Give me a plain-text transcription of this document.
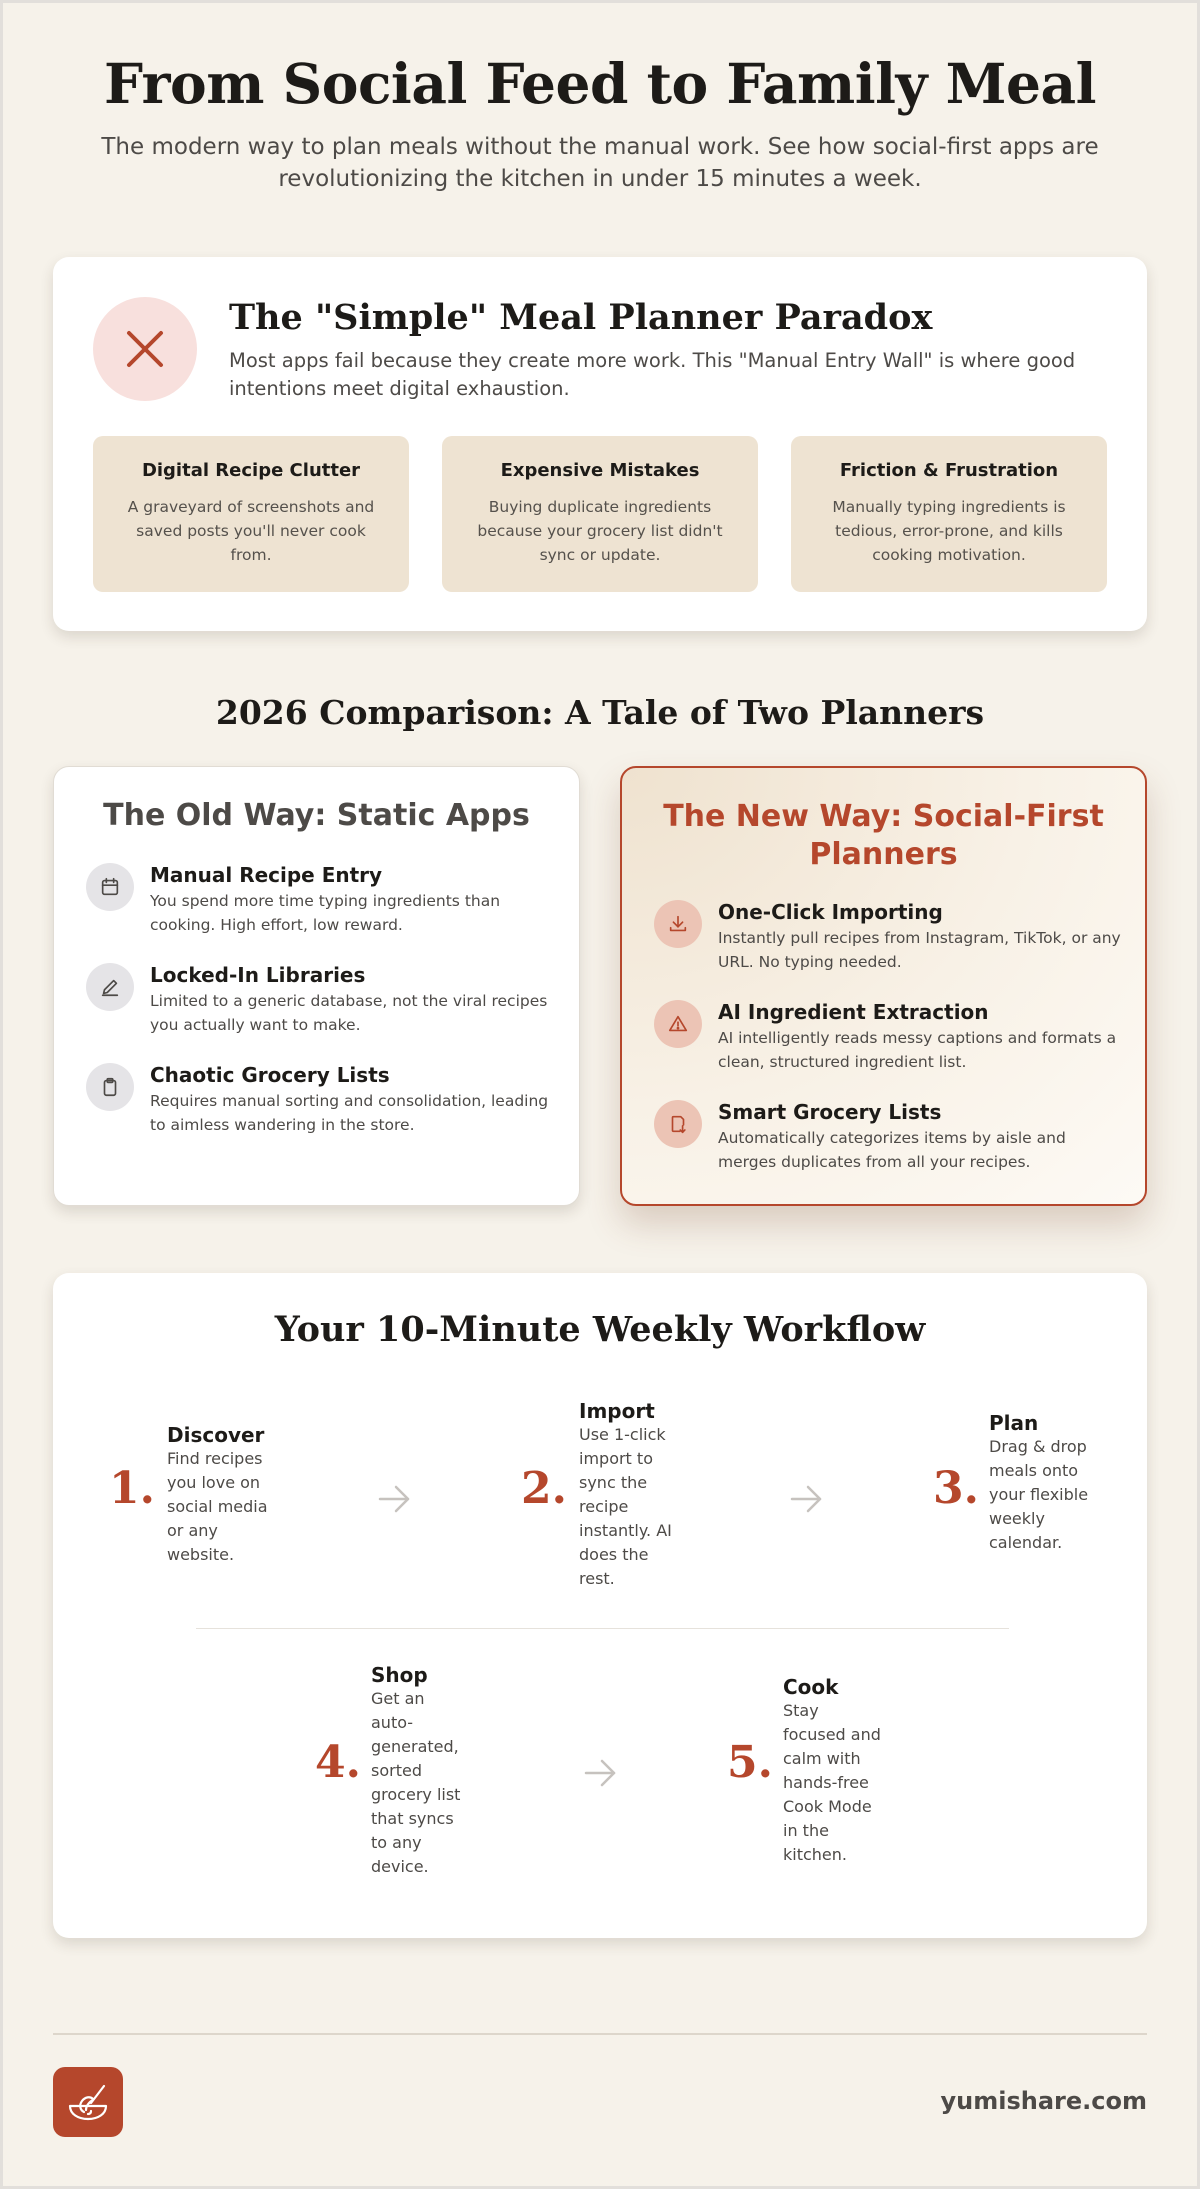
From Social Feed to Family Meal

The modern way to plan meals without the manual work. See how social-first apps are revolutionizing the kitchen in under 15 minutes a week.

The "Simple" Meal Planner Paradox

Most apps fail because they create more work. This "Manual Entry Wall" is where good intentions meet digital exhaustion.

Digital Recipe Clutter

A graveyard of screenshots and saved posts you'll never cook from.

Expensive Mistakes

Buying duplicate ingredients because your grocery list didn't sync or update.

Friction & Frustration

Manually typing ingredients is tedious, error-prone, and kills cooking motivation.

2026 Comparison: A Tale of Two Planners
The Old Way: Static Apps
Manual Recipe Entry

You spend more time typing ingredients than cooking. High effort, low reward.

Locked-In Libraries

Limited to a generic database, not the viral recipes you actually want to make.

Chaotic Grocery Lists

Requires manual sorting and consolidation, leading to aimless wandering in the store.

The New Way: Social-First Planners
One-Click Importing

Instantly pull recipes from Instagram, TikTok, or any URL. No typing needed.

AI Ingredient Extraction

AI intelligently reads messy captions and formats a clean, structured ingredient list.

Smart Grocery Lists

Automatically categorizes items by aisle and merges duplicates from all your recipes.

Your 10-Minute Weekly Workflow
1.
Discover

Find recipes you love on social media or any website.

2.
Import

Use 1-click import to sync the recipe instantly. AI does the rest.

3.
Plan

Drag & drop meals onto your flexible weekly calendar.

4.
Shop

Get an auto-generated, sorted grocery list that syncs to any device.

5.
Cook

Stay focused and calm with hands-free Cook Mode in the kitchen.

yumishare.com
